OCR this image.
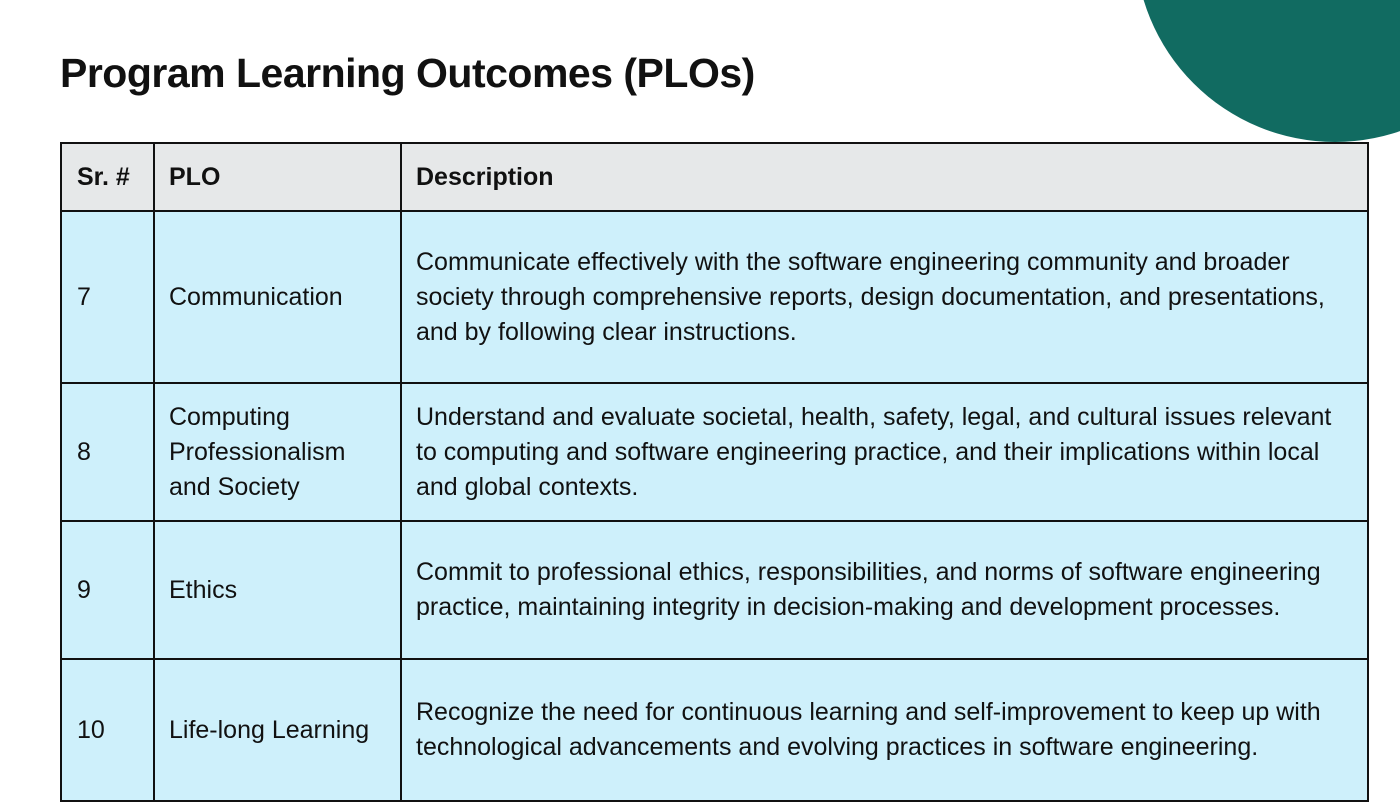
Program Learning Outcomes (PLOs)
Sr. #	PLO	Description
7	Communication	Communicate effectively with the software engineering community and broader society through comprehensive reports, design documentation, and presentations, and by following clear instructions.
8	Computing Professionalism and Society	Understand and evaluate societal, health, safety, legal, and cultural issues relevant to computing and software engineering practice, and their implications within local and global contexts.
9	Ethics	Commit to professional ethics, responsibilities, and norms of software engineering practice, maintaining integrity in decision-making and development processes.
10	Life-long Learning	Recognize the need for continuous learning and self-improvement to keep up with technological advancements and evolving practices in software engineering.
